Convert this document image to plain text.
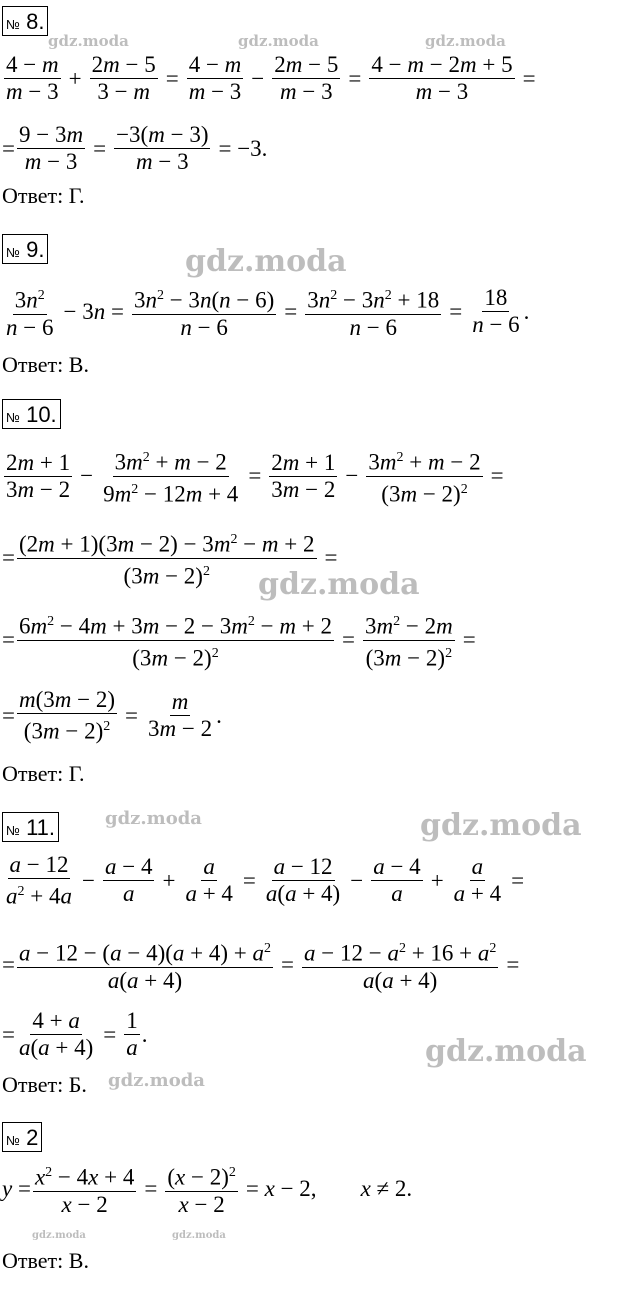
№ 8.
gdz.moda	gdz.moda	gdz.moda
$\frac{4 - m}{m - 3} + \frac{2m - 5}{3 - m} = \frac{4 - m}{m - 3} - \frac{2m - 5}{m - 3} = \frac{4 - m - 2m + 5}{m - 3}$ =
= $\frac{9 - 3m}{m - 3} = \frac{-3(m - 3)}{m - 3} = -3$.
Ответ: Г.
№ 9.	gdz.moda
$\frac{3n^2}{n - 6} - 3n = \frac{3n^2 - 3n(n - 6)}{n - 6} = \frac{3n^2 - 3n^2 + 18}{n - 6} = \frac{18}{n - 6}$ .
Ответ: В.
№ 10.
$\frac{2m + 1}{3m - 2} - \frac{3m^2 + m - 2}{9m^2 - 12m + 4} = \frac{2m + 1}{3m - 2} - \frac{3m^2 + m - 2}{(3m - 2)^2}$ =
= $\frac{(2m + 1)(3m - 2) - 3m^2 - m + 2}{(3m - 2)^2}$ =
gdz.moda
= $\frac{6m^2 - 4m + 3m - 2 - 3m^2 - m + 2}{(3m - 2)^2} = \frac{3m^2 - 2m}{(3m - 2)^2}$ =
= $\frac{m(3m - 2)}{(3m - 2)^2} = \frac{m}{3m - 2}$ .
Ответ: Г.
№ 11.	gdz.moda	gdz.moda
$\frac{a - 12}{a^2 + 4a} - \frac{a - 4}{a} + \frac{a}{a + 4} = \frac{a - 12}{a(a + 4)} - \frac{a - 4}{a} + \frac{a}{a + 4}$ =
= $\frac{a - 12 - (a - 4)(a + 4) + a^2}{a(a + 4)} = \frac{a - 12 - a^2 + 16 + a^2}{a(a + 4)}$ =
= $\frac{4 + a}{a(a + 4)} = \frac{1}{a}$ .	gdz.moda
Ответ: Б. gdz.moda
№ 2
$y = \frac{x^2 - 4x + 4}{x - 2} = \frac{(x - 2)^2}{x - 2} = x - 2$, x ≠ 2.
gdz.moda	gdz.moda
Ответ: В.
